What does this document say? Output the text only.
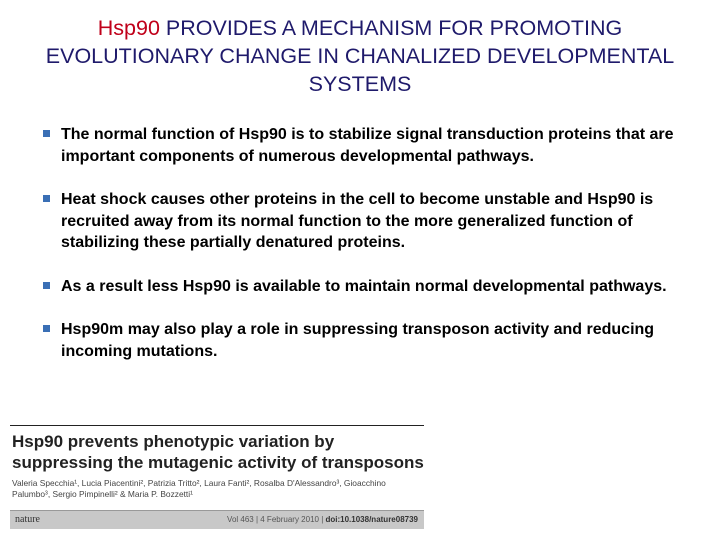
Hsp90 PROVIDES A MECHANISM FOR PROMOTING EVOLUTIONARY CHANGE IN CHANALIZED DEVELOPMENTAL SYSTEMS
The normal function of Hsp90 is to stabilize signal transduction proteins that are important components of numerous developmental pathways.
Heat shock causes other proteins in the cell to become unstable and Hsp90 is recruited away from its normal function to the more generalized function of stabilizing these partially denatured proteins.
As a result less Hsp90 is available to maintain normal developmental pathways.
Hsp90m may also play a role in suppressing transposon activity and reducing incoming mutations.
Hsp90 prevents phenotypic variation by suppressing the mutagenic activity of transposons
Valeria Specchia¹, Lucia Piacentini², Patrizia Tritto², Laura Fanti², Rosalba D'Alessandro³, Gioacchino Palumbo³, Sergio Pimpinelli² & Maria P. Bozzetti¹
nature	Vol 463 | 4 February 2010 | doi:10.1038/nature08739
